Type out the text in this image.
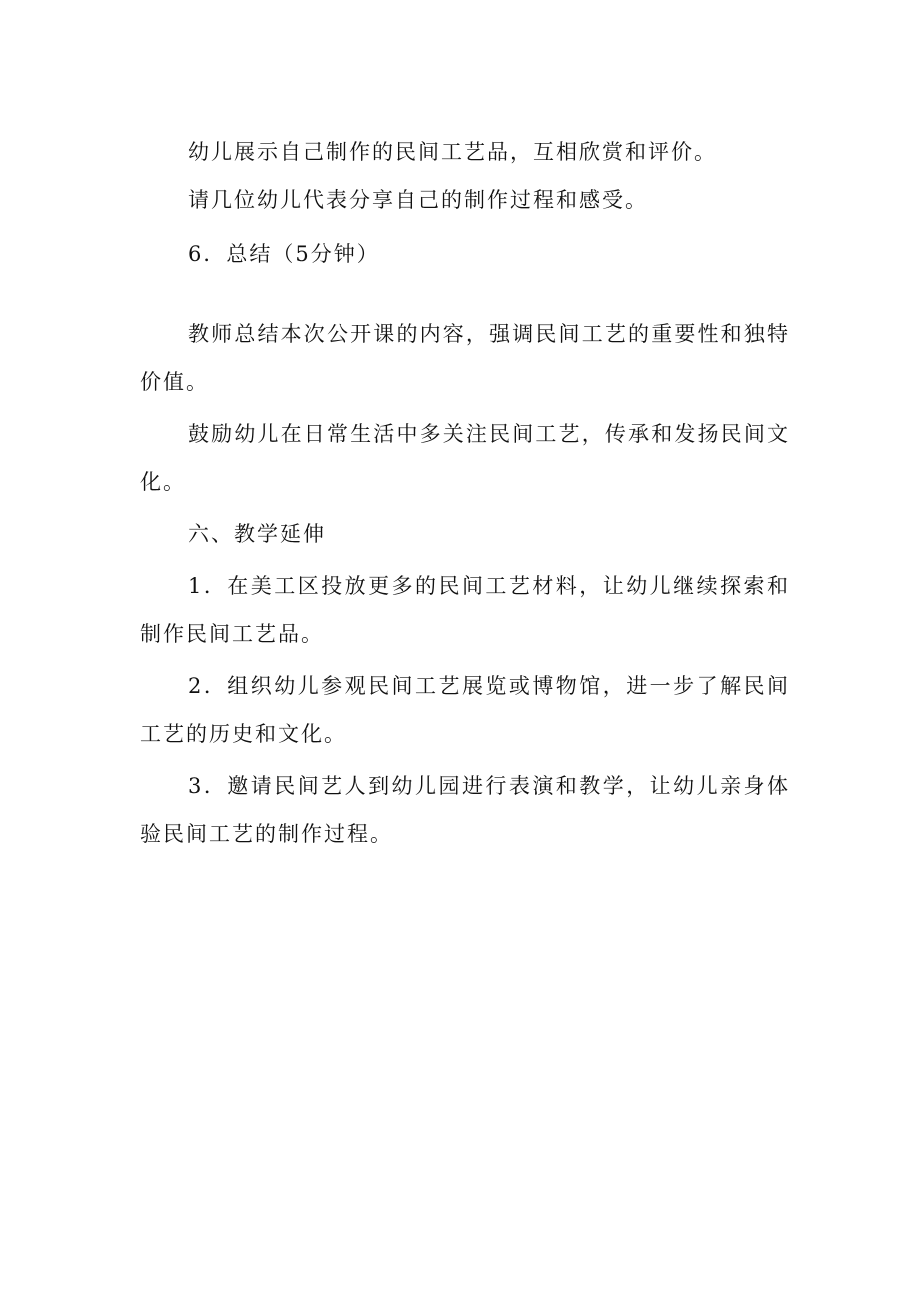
幼儿展示自己制作的民间工艺品，互相欣赏和评价。

请几位幼儿代表分享自己的制作过程和感受。

6．总结（5分钟）

教师总结本次公开课的内容，强调民间工艺的重要性和独特价值。

鼓励幼儿在日常生活中多关注民间工艺，传承和发扬民间文化。

六、教学延伸

1．在美工区投放更多的民间工艺材料，让幼儿继续探索和制作民间工艺品。

2．组织幼儿参观民间工艺展览或博物馆，进一步了解民间工艺的历史和文化。

3．邀请民间艺人到幼儿园进行表演和教学，让幼儿亲身体验民间工艺的制作过程。
